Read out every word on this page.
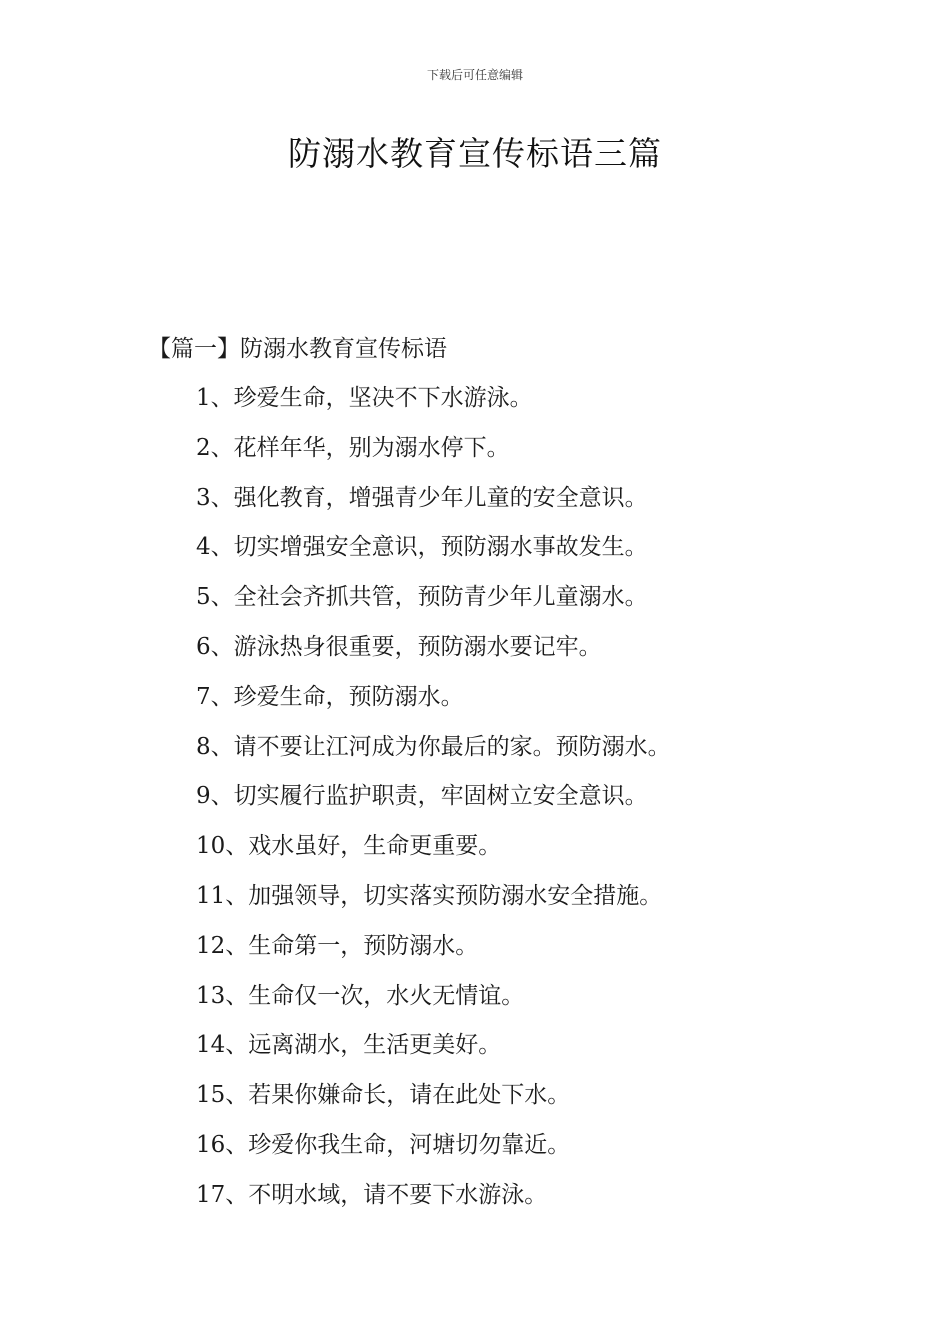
下载后可任意编辑
防溺水教育宣传标语三篇
【篇一】防溺水教育宣传标语
1、珍爱生命，坚决不下水游泳。
2、花样年华，别为溺水停下。
3、强化教育，增强青少年儿童的安全意识。
4、切实增强安全意识，预防溺水事故发生。
5、全社会齐抓共管，预防青少年儿童溺水。
6、游泳热身很重要，预防溺水要记牢。
7、珍爱生命，预防溺水。
8、请不要让江河成为你最后的家。预防溺水。
9、切实履行监护职责，牢固树立安全意识。
10、戏水虽好，生命更重要。
11、加强领导，切实落实预防溺水安全措施。
12、生命第一，预防溺水。
13、生命仅一次，水火无情谊。
14、远离湖水，生活更美好。
15、若果你嫌命长，请在此处下水。
16、珍爱你我生命，河塘切勿靠近。
17、不明水域，请不要下水游泳。
